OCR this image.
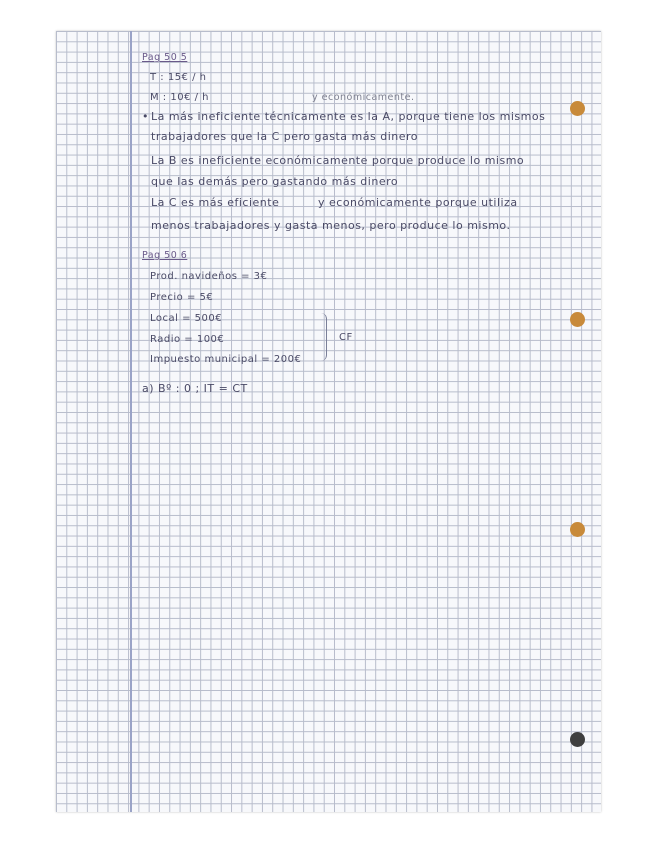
Pag 50 5
T : 15€ / h
M : 10€ / h	y económicamente.
• La más ineficiente técnicamente es la A, porque tiene los mismos
trabajadores que la C pero gasta más dinero
La B es ineficiente económicamente porque produce lo mismo
que las demás pero gastando más dinero
La C es más eficiente	y económicamente porque utiliza
menos trabajadores y gasta menos, pero produce lo mismo.
Pag 50 6
Prod. navideños = 3€
Precio = 5€
Local = 500€
Radio = 100€
Impuesto municipal = 200€
CF
a) Bº : 0 ; IT = CT
